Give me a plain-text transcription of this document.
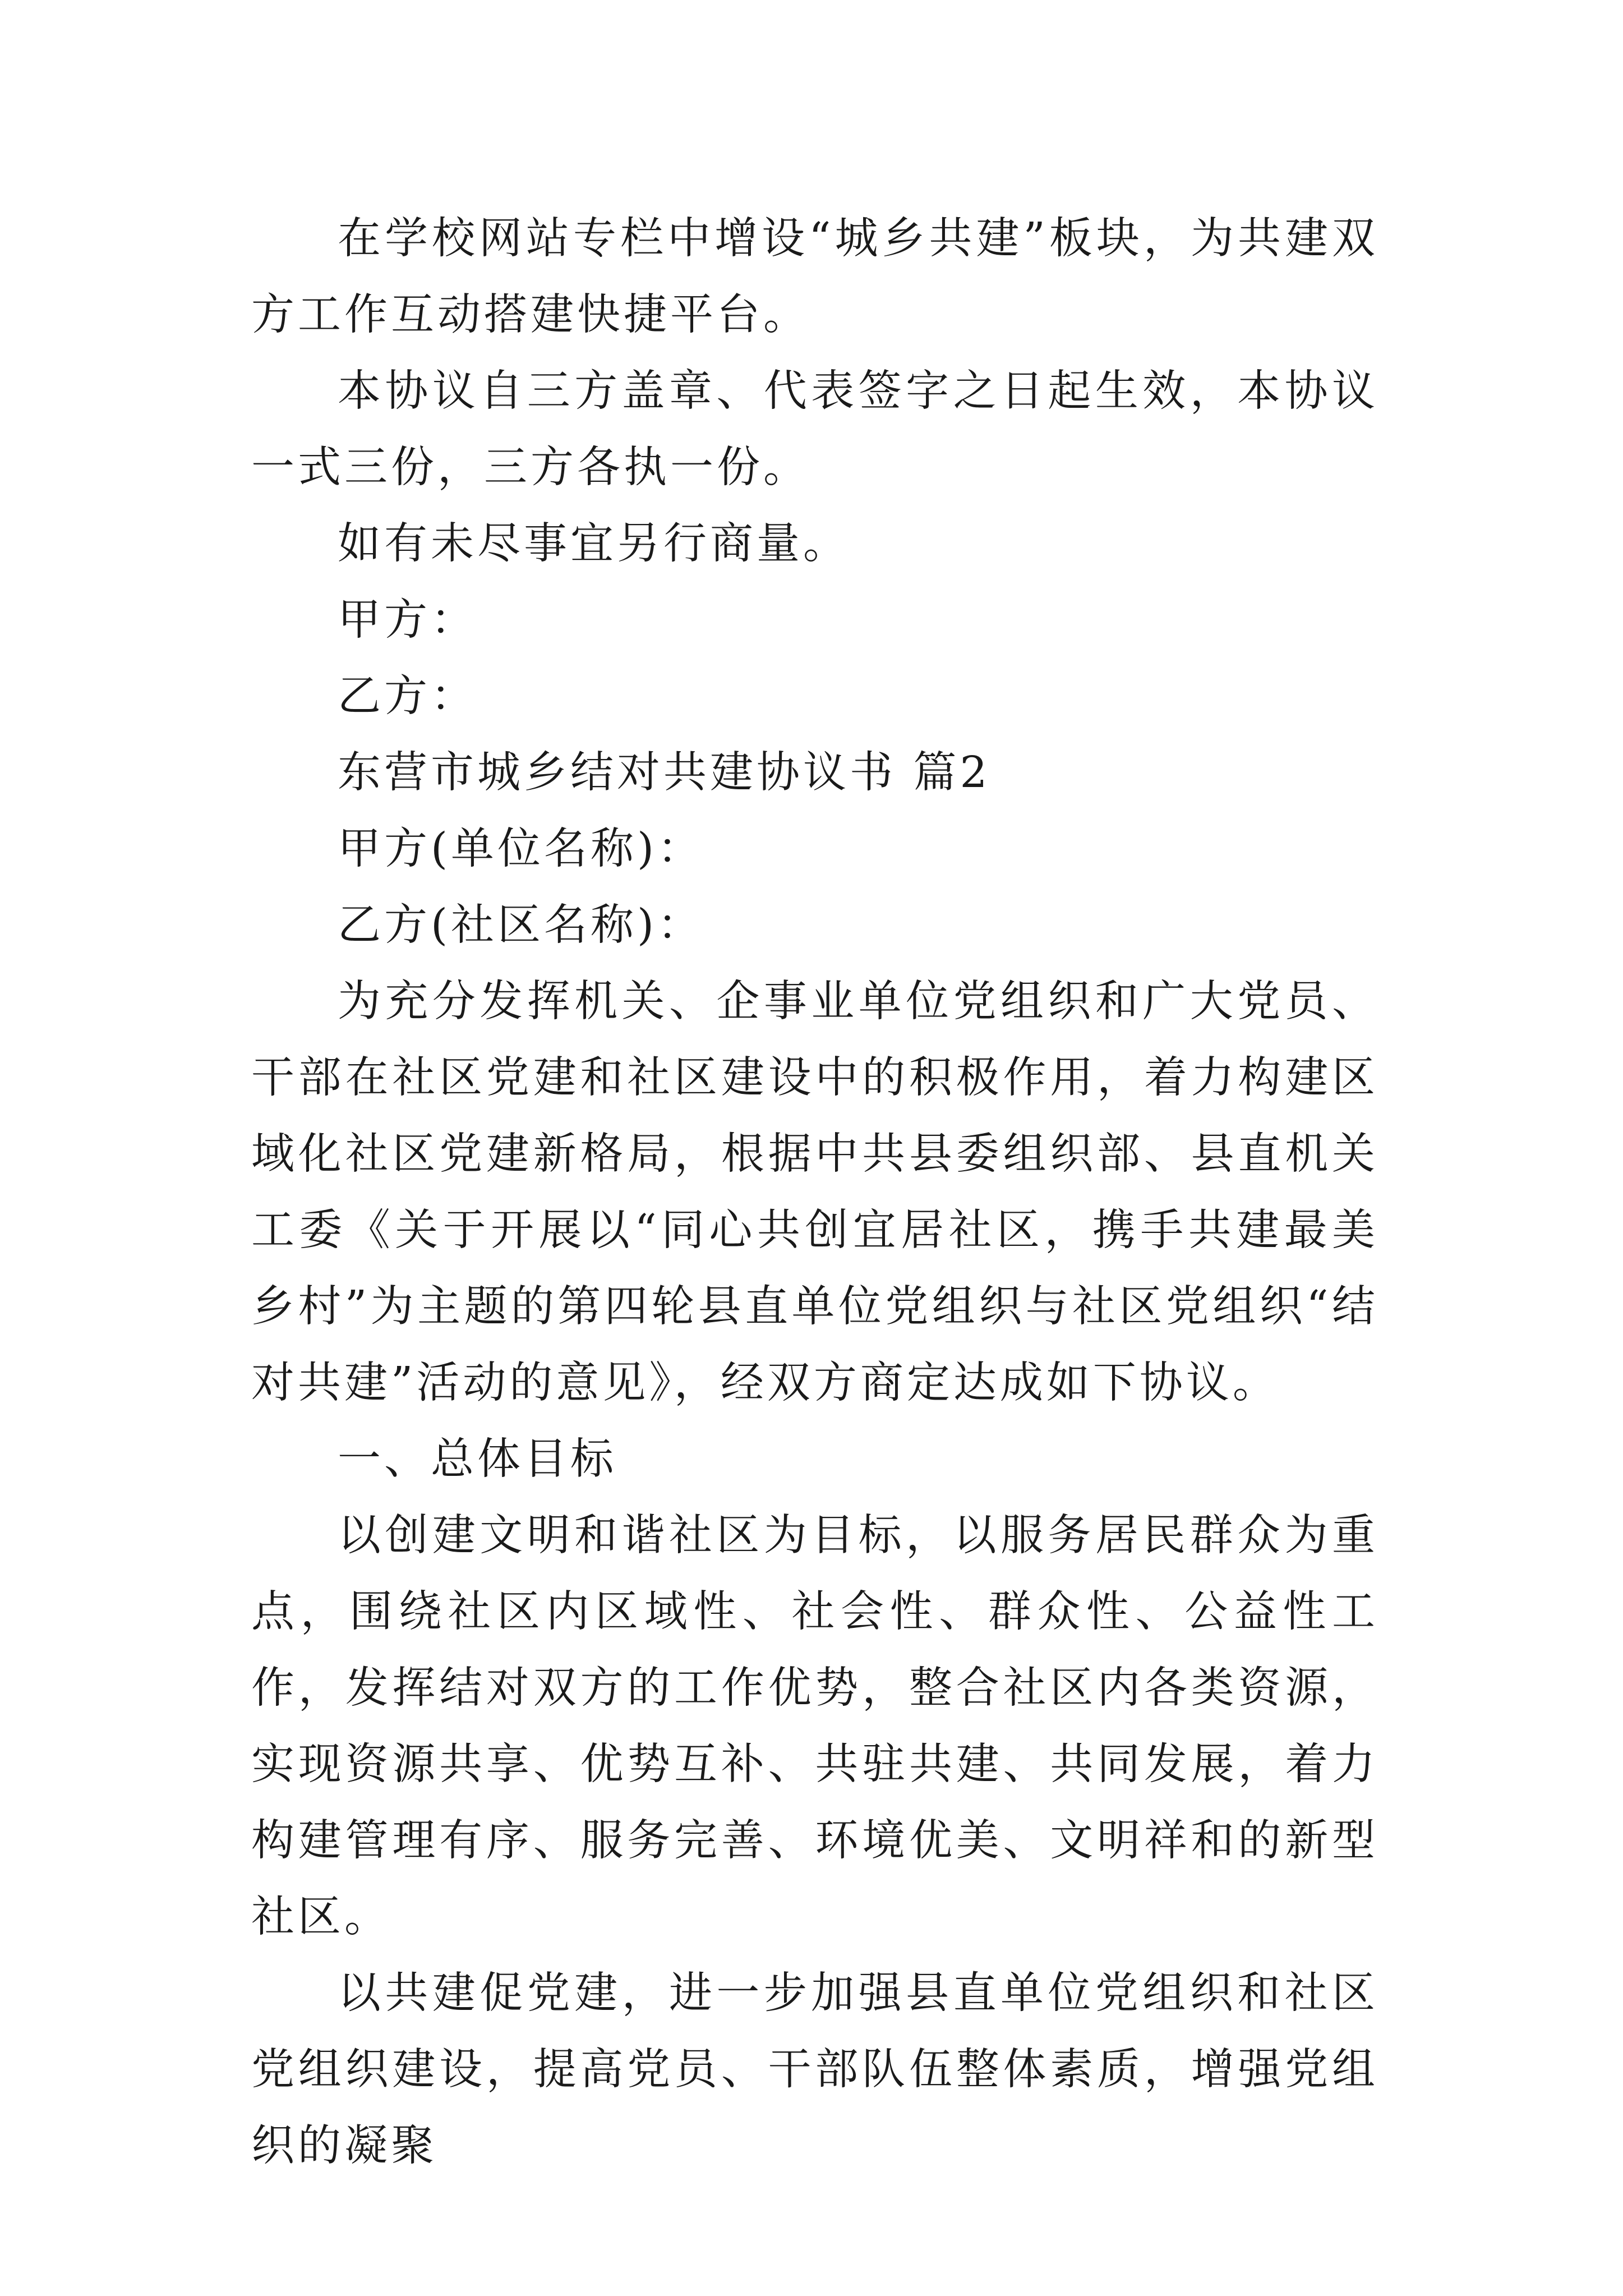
在学校网站专栏中增设“城乡共建”板块，为共建双方工作互动搭建快捷平台。

本协议自三方盖章、代表签字之日起生效，本协议一式三份，三方各执一份。

如有未尽事宜另行商量。

甲方：

乙方：

东营市城乡结对共建协议书 篇2

甲方(单位名称)：

乙方(社区名称)：

为充分发挥机关、企事业单位党组织和广大党员、干部在社区党建和社区建设中的积极作用，着力构建区域化社区党建新格局，根据中共县委组织部、县直机关工委《关于开展以“同心共创宜居社区，携手共建最美乡村”为主题的第四轮县直单位党组织与社区党组织“结对共建”活动的意见》，经双方商定达成如下协议。

一、总体目标

以创建文明和谐社区为目标，以服务居民群众为重点，围绕社区内区域性、社会性、群众性、公益性工作，发挥结对双方的工作优势，整合社区内各类资源，实现资源共享、优势互补、共驻共建、共同发展，着力构建管理有序、服务完善、环境优美、文明祥和的新型社区。

以共建促党建，进一步加强县直单位党组织和社区党组织建设，提高党员、干部队伍整体素质，增强党组织的凝聚
